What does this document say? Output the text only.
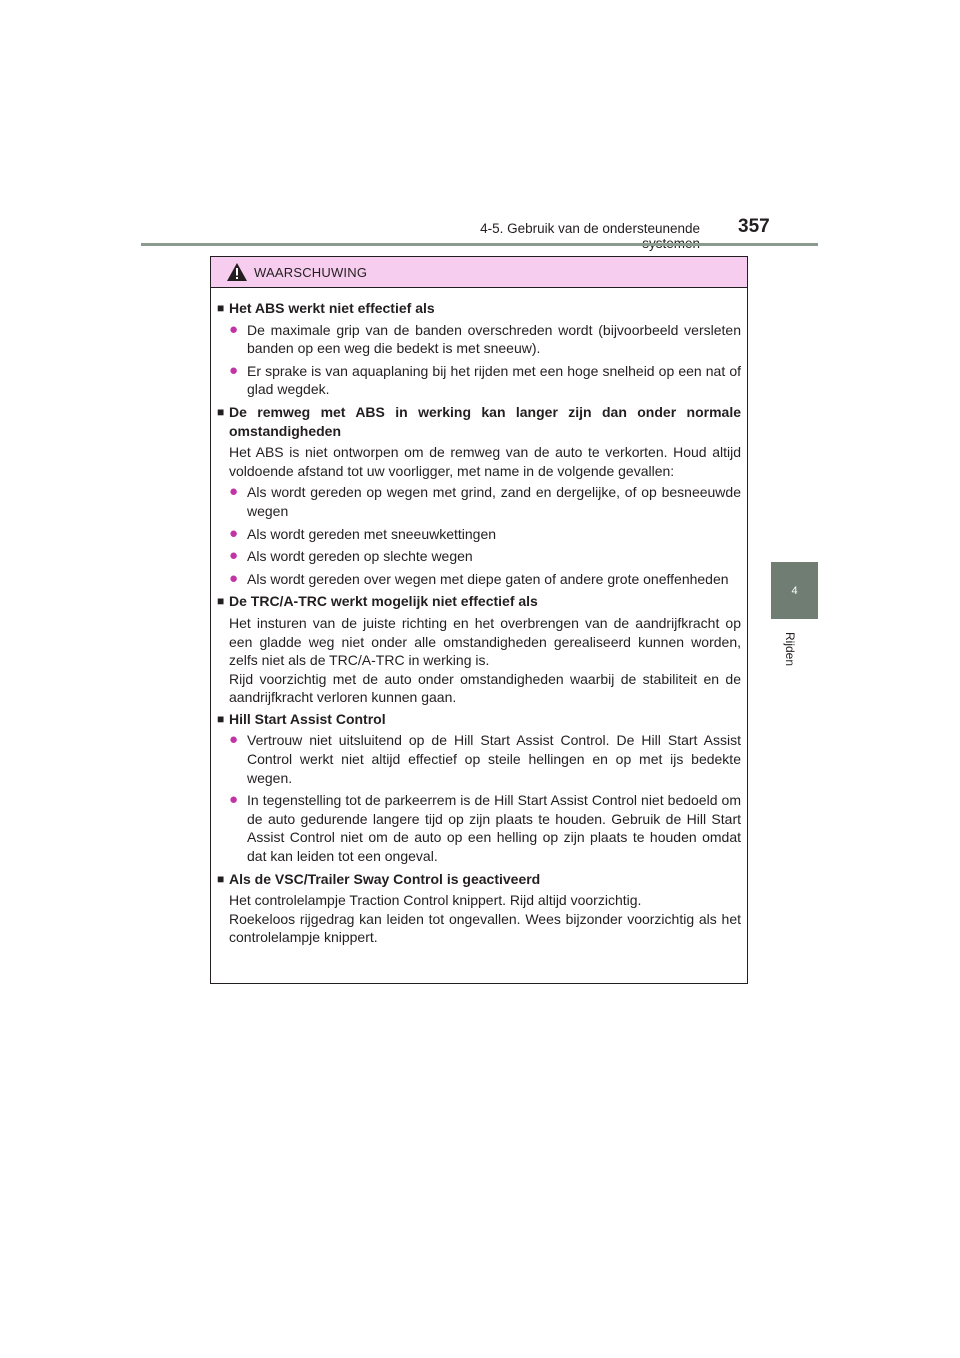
4-5. Gebruik van de ondersteunende 357
4
Rijden
WAARSCHUWING
■ Het ABS werkt niet effectief als
● De maximale grip van de banden overschreden wordt (bijvoorbeeld versleten banden op een weg die bedekt is met sneeuw).
● Er sprake is van aquaplaning bij het rijden met een hoge snelheid op een nat of glad wegdek.
■ De remweg met ABS in werking kan langer zijn dan onder normale omstandigheden
Het ABS is niet ontworpen om de remweg van de auto te verkorten. Houd altijd voldoende afstand tot uw voorligger, met name in de volgende gevallen:
● Als wordt gereden op wegen met grind, zand en dergelijke, of op besneeuwde wegen
● Als wordt gereden met sneeuwkettingen
● Als wordt gereden op slechte wegen
● Als wordt gereden over wegen met diepe gaten of andere grote oneffenheden
■ De TRC/A-TRC werkt mogelijk niet effectief als
Het insturen van de juiste richting en het overbrengen van de aandrijfkracht op een gladde weg niet onder alle omstandigheden gerealiseerd kunnen worden, zelfs niet als de TRC/A-TRC in werking is.
Rijd voorzichtig met de auto onder omstandigheden waarbij de stabiliteit en de aandrijfkracht verloren kunnen gaan.
■ Hill Start Assist Control
● Vertrouw niet uitsluitend op de Hill Start Assist Control. De Hill Start Assist Control werkt niet altijd effectief op steile hellingen en op met ijs bedekte wegen.
● In tegenstelling tot de parkeerrem is de Hill Start Assist Control niet bedoeld om de auto gedurende langere tijd op zijn plaats te houden. Gebruik de Hill Start Assist Control niet om de auto op een helling op zijn plaats te houden omdat dat kan leiden tot een ongeval.
■ Als de VSC/Trailer Sway Control is geactiveerd
Het controlelampje Traction Control knippert. Rijd altijd voorzichtig.
Roekeloos rijgedrag kan leiden tot ongevallen. Wees bijzonder voorzichtig als het controlelampje knippert.
